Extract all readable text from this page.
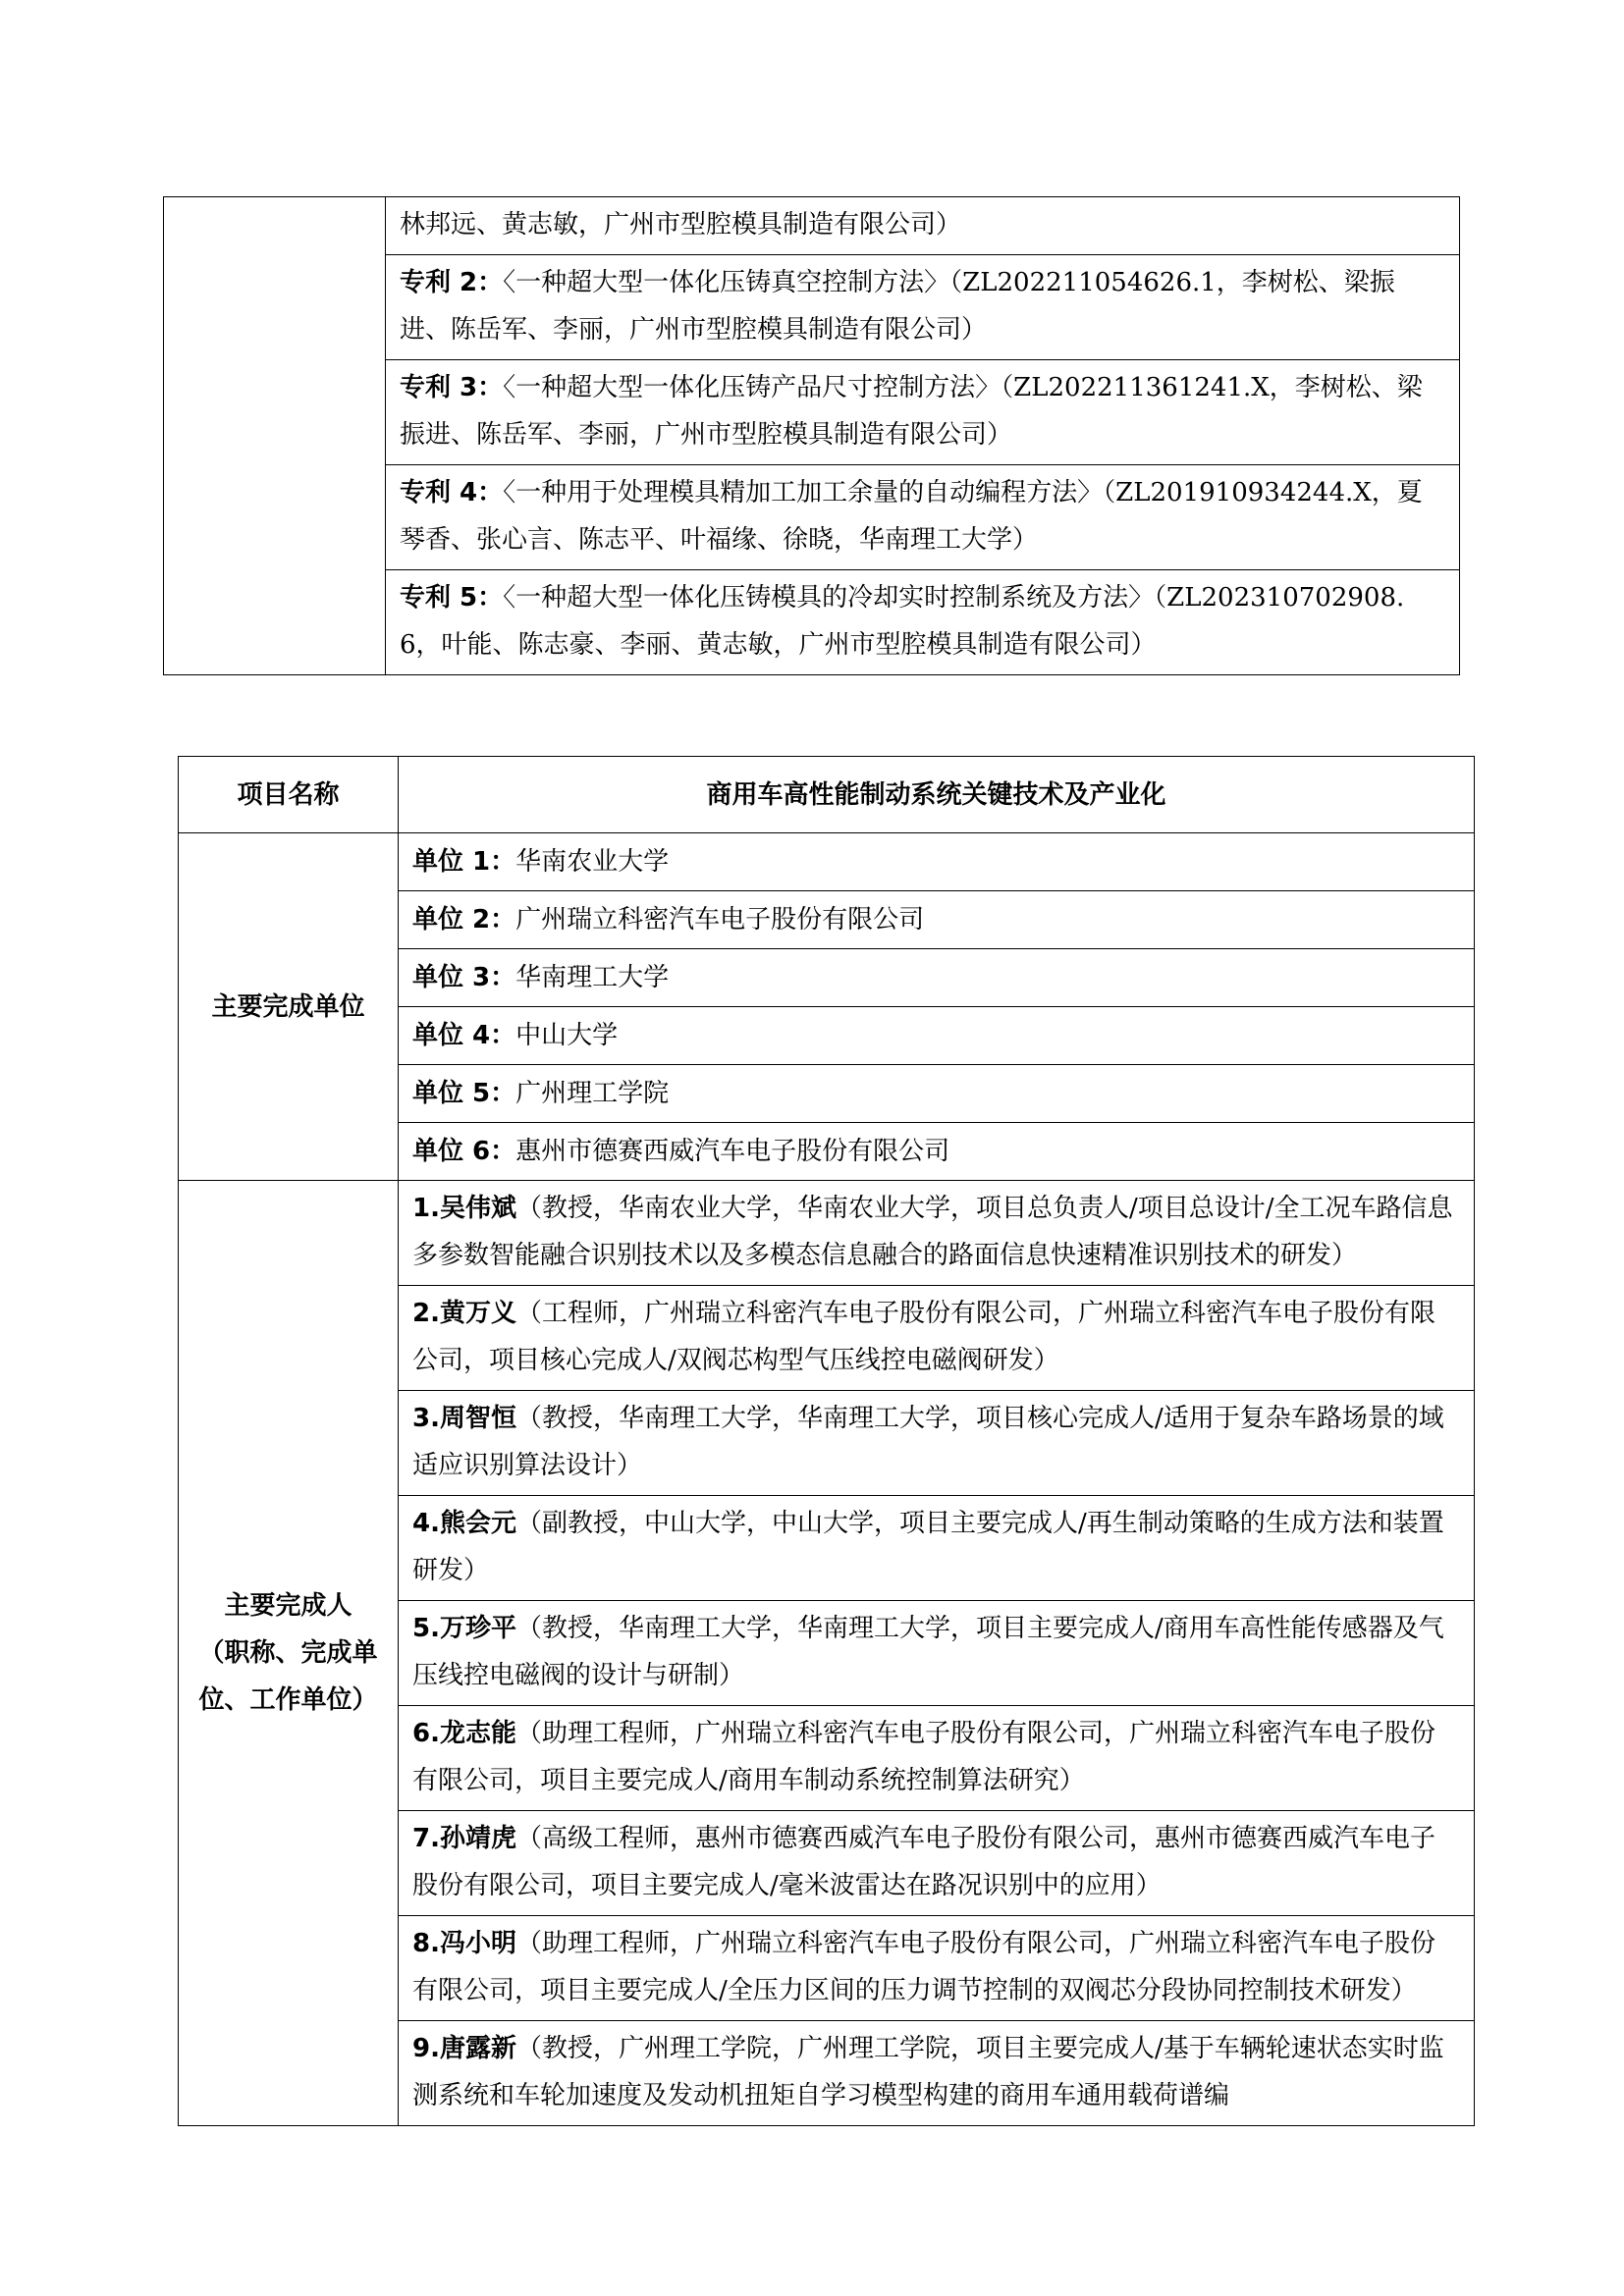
	林邦远、黄志敏，广州市型腔模具制造有限公司）
专利 2：〈一种超大型一体化压铸真空控制方法〉（ZL202211054626.1，李树松、梁振进、陈岳军、李丽，广州市型腔模具制造有限公司）
专利 3：〈一种超大型一体化压铸产品尺寸控制方法〉（ZL202211361241.X，李树松、梁振进、陈岳军、李丽，广州市型腔模具制造有限公司）
专利 4：〈一种用于处理模具精加工加工余量的自动编程方法〉（ZL201910934244.X，夏琴香、张心言、陈志平、叶福缘、徐晓，华南理工大学）
专利 5：〈一种超大型一体化压铸模具的冷却实时控制系统及方法〉（ZL202310702908.6，叶能、陈志豪、李丽、黄志敏，广州市型腔模具制造有限公司）
项目名称	商用车高性能制动系统关键技术及产业化
主要完成单位	单位 1：华南农业大学
	单位 2：广州瑞立科密汽车电子股份有限公司
	单位 3：华南理工大学
	单位 4：中山大学
	单位 5：广州理工学院
	单位 6：惠州市德赛西威汽车电子股份有限公司

主要完成人
（职称、完成单
位、工作单位）	1.吴伟斌（教授，华南农业大学，华南农业大学，项目总负责人/项目总设计/全工况车路信息多参数智能融合识别技术以及多模态信息融合的路面信息快速精准识别技术的研发）
	2.黄万义（工程师，广州瑞立科密汽车电子股份有限公司，广州瑞立科密汽车电子股份有限公司，项目核心完成人/双阀芯构型气压线控电磁阀研发）
	3.周智恒（教授，华南理工大学，华南理工大学，项目核心完成人/适用于复杂车路场景的域适应识别算法设计）
	4.熊会元（副教授，中山大学，中山大学，项目主要完成人/再生制动策略的生成方法和装置研发）
	5.万珍平（教授，华南理工大学，华南理工大学，项目主要完成人/商用车高性能传感器及气压线控电磁阀的设计与研制）
	6.龙志能（助理工程师，广州瑞立科密汽车电子股份有限公司，广州瑞立科密汽车电子股份有限公司，项目主要完成人/商用车制动系统控制算法研究）
	7.孙靖虎（高级工程师，惠州市德赛西威汽车电子股份有限公司，惠州市德赛西威汽车电子股份有限公司，项目主要完成人/毫米波雷达在路况识别中的应用）
	8.冯小明（助理工程师，广州瑞立科密汽车电子股份有限公司，广州瑞立科密汽车电子股份有限公司，项目主要完成人/全压力区间的压力调节控制的双阀芯分段协同控制技术研发）
	9.唐露新（教授，广州理工学院，广州理工学院，项目主要完成人/基于车辆轮速状态实时监测系统和车轮加速度及发动机扭矩自学习模型构建的商用车通用载荷谱编
